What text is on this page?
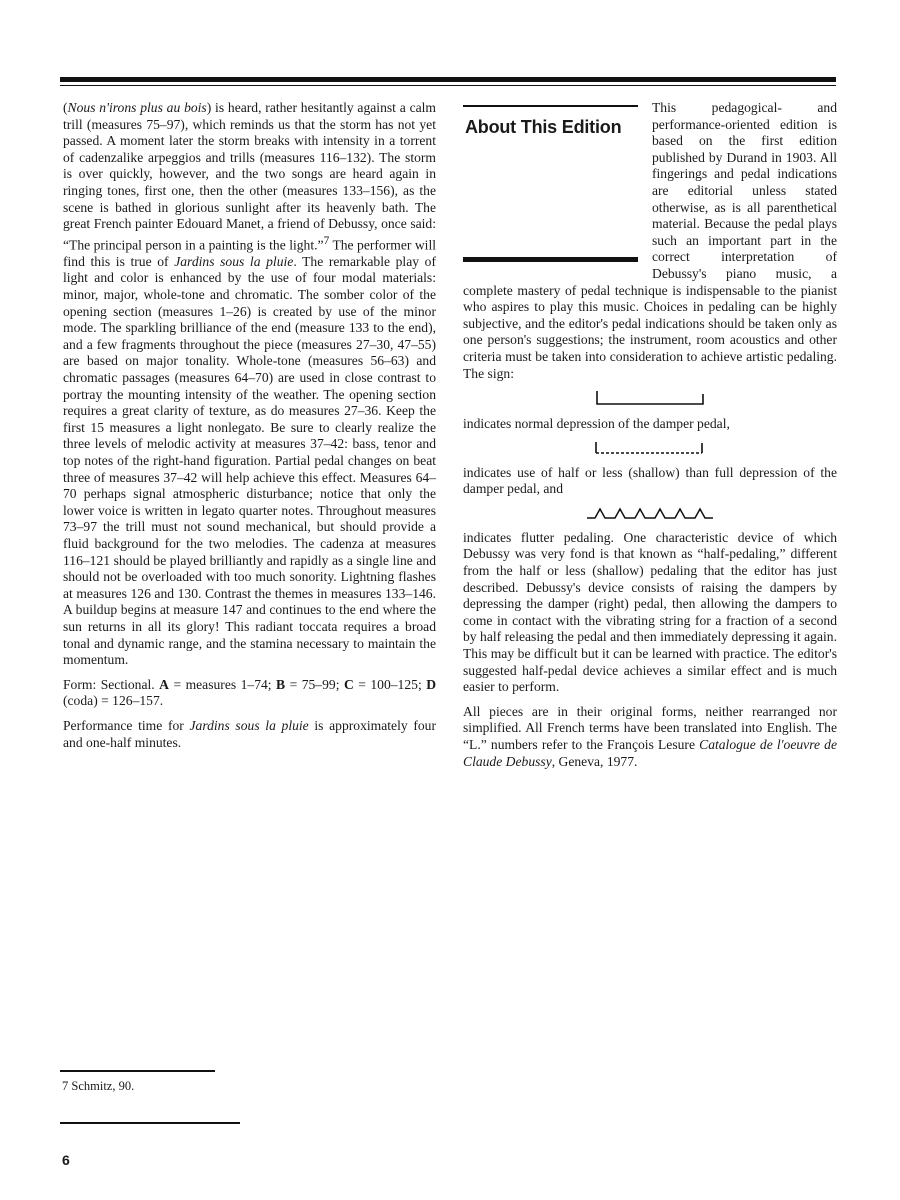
(Nous n'irons plus au bois) is heard, rather hesitantly against a calm trill (measures 75–97), which reminds us that the storm has not yet passed. A moment later the storm breaks with intensity in a torrent of cadenzalike arpeggios and trills (measures 116–132). The storm is over quickly, however, and the two songs are heard again in ringing tones, first one, then the other (measures 133–156), as the scene is bathed in glorious sunlight after its heavenly bath. The great French painter Edouard Manet, a friend of Debussy, once said: “The principal person in a painting is the light.”$^7$ The performer will find this is true of Jardins sous la pluie. The remarkable play of light and color is enhanced by the use of four modal materials: minor, major, whole-tone and chromatic. The somber color of the opening section (measures 1–26) is created by use of the minor mode. The sparkling brilliance of the end (measure 133 to the end), and a few fragments throughout the piece (measures 27–30, 47–55) are based on major tonality. Whole-tone (measures 56–63) and chromatic passages (measures 64–70) are used in close contrast to portray the mounting intensity of the weather. The opening section requires a great clarity of texture, as do measures 27–36. Keep the first 15 measures a light nonlegato. Be sure to clearly realize the three levels of melodic activity at measures 37–42: bass, tenor and top notes of the right-hand figuration. Partial pedal changes on beat three of measures 37–42 will help achieve this effect. Measures 64–70 perhaps signal atmospheric disturbance; notice that only the lower voice is written in legato quarter notes. Throughout measures 73–97 the trill must not sound mechanical, but should provide a fluid background for the two melodies. The cadenza at measures 116–121 should be played brilliantly and rapidly as a single line and should not be overloaded with too much sonority. Lightning flashes at measures 126 and 130. Contrast the themes in measures 133–146. A buildup begins at measure 147 and continues to the end where the sun returns in all its glory! This radiant toccata requires a broad tonal and dynamic range, and the stamina necessary to maintain the momentum.

Form: Sectional. A = measures 1–74; B = 75–99; C = 100–125; D (coda) = 126–157.

Performance time for Jardins sous la pluie is approximately four and one-half minutes.

About This Edition

This pedagogical- and performance-oriented edition is based on the first edition published by Durand in 1903. All fingerings and pedal indications are editorial unless stated otherwise, as is all parenthetical material. Because the pedal plays such an important part in the correct interpretation of Debussy's piano music, a complete mastery of pedal technique is indispensable to the pianist who aspires to play this music. Choices in pedaling can be highly subjective, and the editor's pedal indications should be taken only as one person's suggestions; the instrument, room acoustics and other criteria must be taken into consideration to achieve artistic pedaling. The sign:

indicates normal depression of the damper pedal,

indicates use of half or less (shallow) than full depression of the damper pedal, and

indicates flutter pedaling. One characteristic device of which Debussy was very fond is that known as “half-pedaling,” different from the half or less (shallow) pedaling that the editor has just described. Debussy's device consists of raising the dampers by depressing the damper (right) pedal, then allowing the dampers to come in contact with the vibrating string for a fraction of a second by half releasing the pedal and then immediately depressing it again. This may be difficult but it can be learned with practice. The editor's suggested half-pedal device achieves a similar effect and is much easier to perform.

All pieces are in their original forms, neither rearranged nor simplified. All French terms have been translated into English. The “L.” numbers refer to the François Lesure Catalogue de l'oeuvre de Claude Debussy, Geneva, 1977.

7 Schmitz, 90.
6
